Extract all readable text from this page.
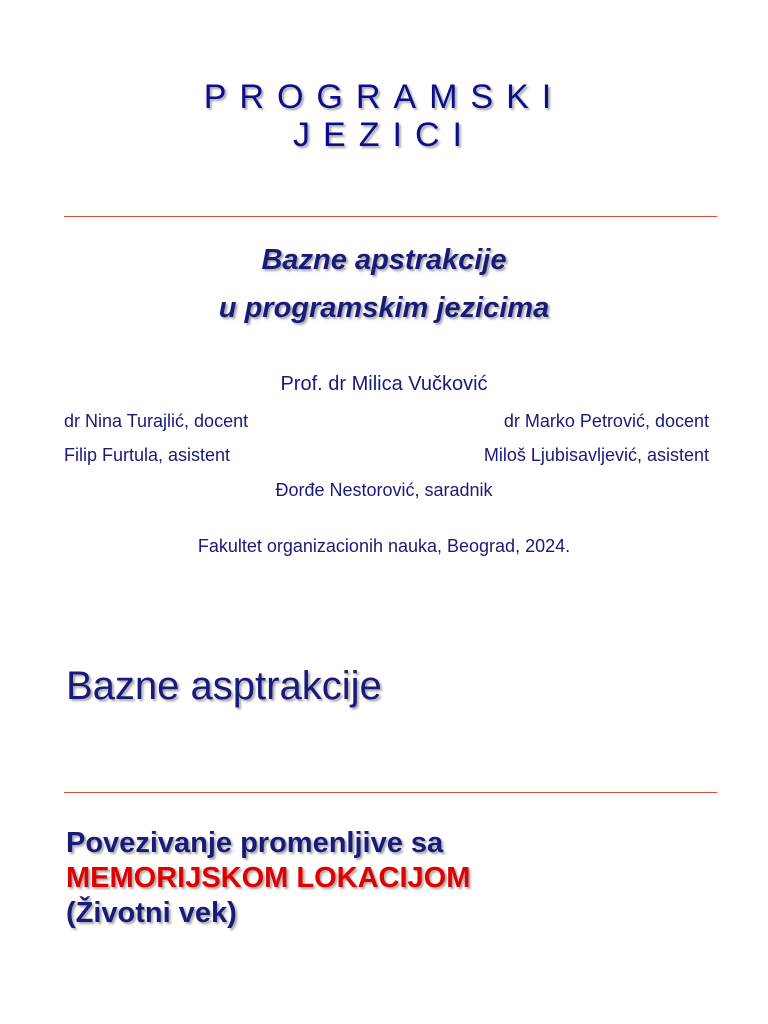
PROGRAMSKI
JEZICI
Bazne apstrakcije
u programskim jezicima
Prof. dr Milica Vučković
dr Nina Turajlić, docent	dr Marko Petrović, docent
Filip Furtula, asistent	Miloš Ljubisavljević, asistent
Đorđe Nestorović, saradnik
Fakultet organizacionih nauka, Beograd, 2024.
Bazne asptrakcije
Povezivanje promenljive sa
MEMORIJSKOM LOKACIJOM
(Životni vek)
